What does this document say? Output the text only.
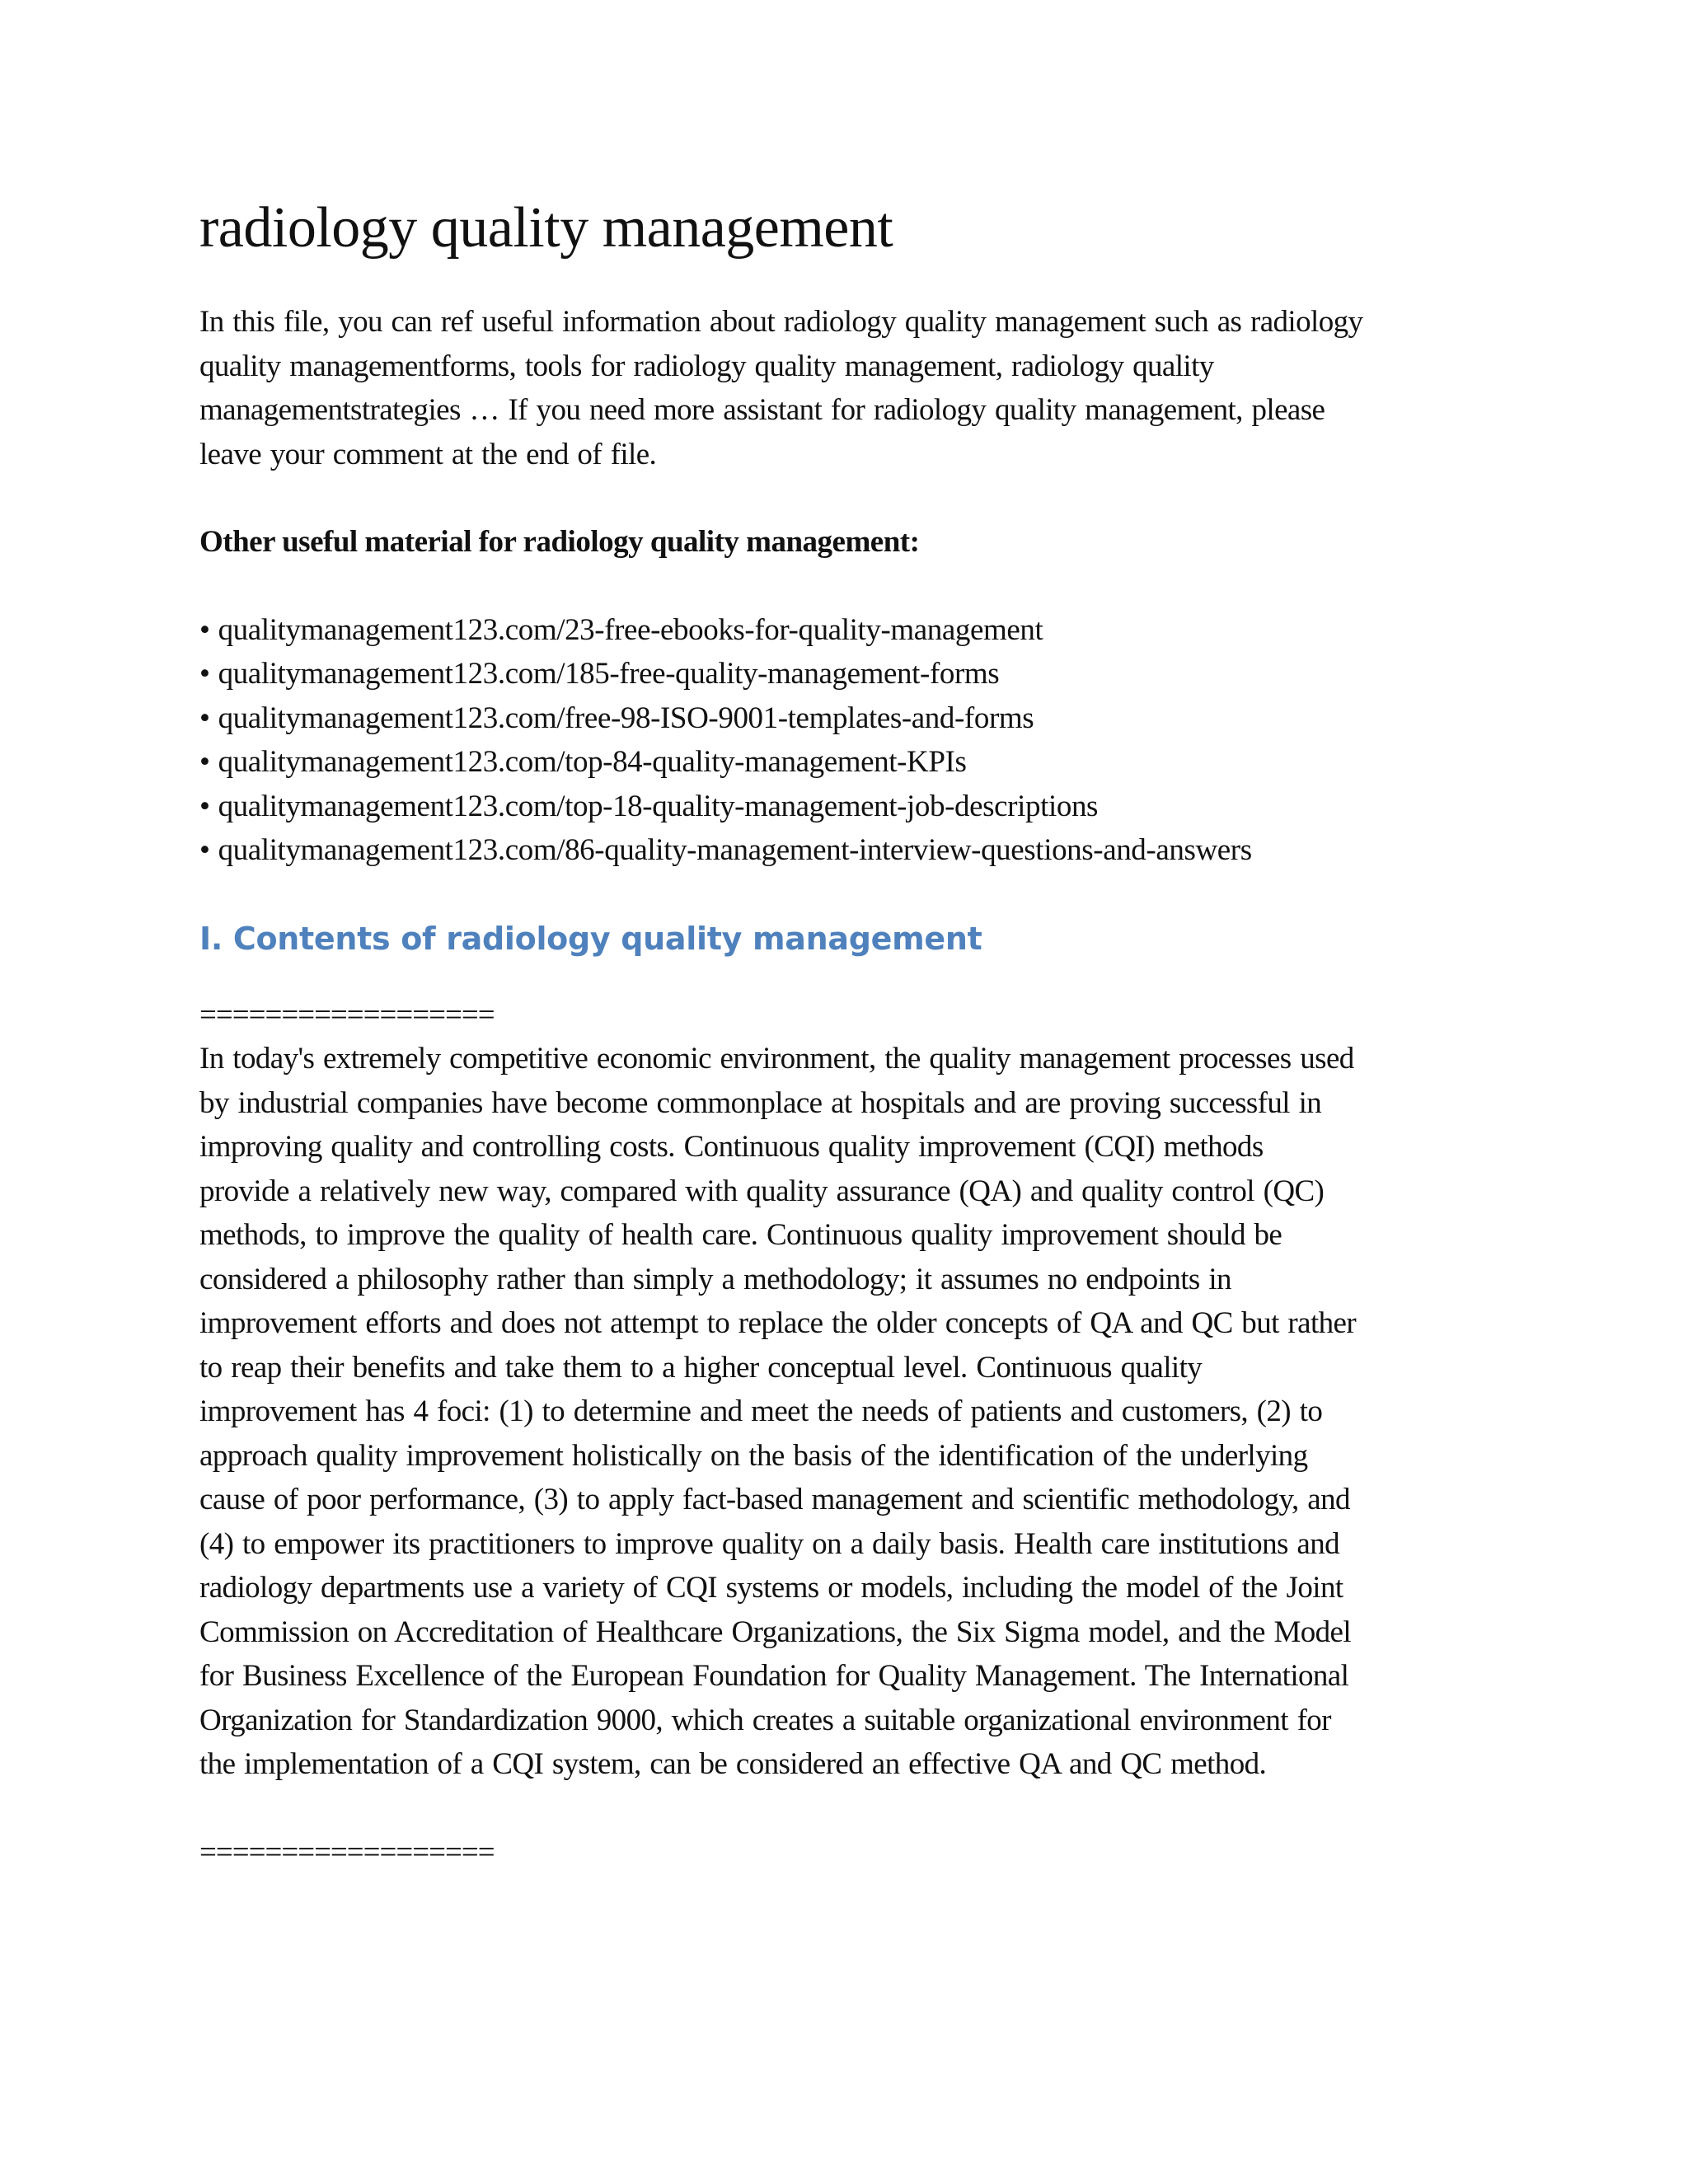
radiology quality management

In this file, you can ref useful information about radiology quality management such as radiology
quality managementforms, tools for radiology quality management, radiology quality
managementstrategies … If you need more assistant for radiology quality management, please
leave your comment at the end of file.

Other useful material for radiology quality management:

• qualitymanagement123.com/23-free-ebooks-for-quality-management
• qualitymanagement123.com/185-free-quality-management-forms
• qualitymanagement123.com/free-98-ISO-9001-templates-and-forms
• qualitymanagement123.com/top-84-quality-management-KPIs
• qualitymanagement123.com/top-18-quality-management-job-descriptions
• qualitymanagement123.com/86-quality-management-interview-questions-and-answers
I. Contents of radiology quality management

==================

In today's extremely competitive economic environment, the quality management processes used
by industrial companies have become commonplace at hospitals and are proving successful in
improving quality and controlling costs. Continuous quality improvement (CQI) methods
provide a relatively new way, compared with quality assurance (QA) and quality control (QC)
methods, to improve the quality of health care. Continuous quality improvement should be
considered a philosophy rather than simply a methodology; it assumes no endpoints in
improvement efforts and does not attempt to replace the older concepts of QA and QC but rather
to reap their benefits and take them to a higher conceptual level. Continuous quality
improvement has 4 foci: (1) to determine and meet the needs of patients and customers, (2) to
approach quality improvement holistically on the basis of the identification of the underlying
cause of poor performance, (3) to apply fact-based management and scientific methodology, and
(4) to empower its practitioners to improve quality on a daily basis. Health care institutions and
radiology departments use a variety of CQI systems or models, including the model of the Joint
Commission on Accreditation of Healthcare Organizations, the Six Sigma model, and the Model
for Business Excellence of the European Foundation for Quality Management. The International
Organization for Standardization 9000, which creates a suitable organizational environment for
the implementation of a CQI system, can be considered an effective QA and QC method.

==================
